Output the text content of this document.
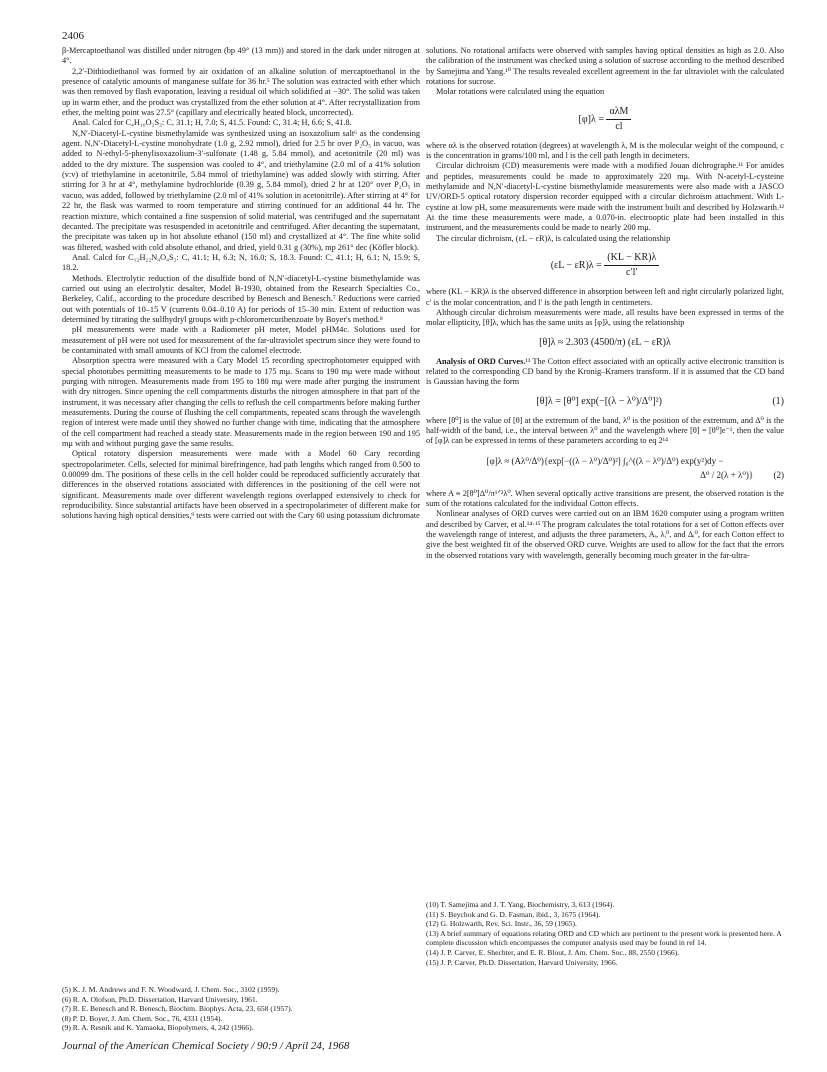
2406

β-Mercaptoethanol was distilled under nitrogen (bp 49° (13 mm)) and stored in the dark under nitrogen at 4°.

2,2′-Dithiodiethanol was formed by air oxidation of an alkaline solution of mercaptoethanol in the presence of catalytic amounts of manganese sulfate for 36 hr.⁵ The solution was extracted with ether which was then removed by flash evaporation, leaving a residual oil which solidified at −30°. The solid was taken up in warm ether, and the product was crystallized from the ether solution at 4°. After recrystallization from ether, the melting point was 27.5° (capillary and electrically heated block, uncorrected).

Anal. Calcd for C₄H₁₀O₂S₂: C, 31.1; H, 7.0; S, 41.5. Found: C, 31.4; H, 6.6; S, 41.8.

N,N′-Diacetyl-L-cystine bismethylamide was synthesized using an isoxazolium salt⁶ as the condensing agent. N,N′-Diacetyl-L-cystine monohydrate (1.0 g, 2.92 mmol), dried for 2.5 hr over P₂O₅ in vacuo, was added to N-ethyl-5-phenylisoxazolium-3′-sulfonate (1.48 g, 5.84 mmol), and acetonitrile (20 ml) was added to the dry mixture. The suspension was cooled to 4°, and triethylamine (2.0 ml of a 41% solution (v:v) of triethylamine in acetonitrile, 5.84 mmol of triethylamine) was added slowly with stirring. After stirring for 3 hr at 4°, methylamine hydrochloride (0.39 g, 5.84 mmol), dried 2 hr at 120° over P₂O₅ in vacuo, was added, followed by triethylamine (2.0 ml of 41% solution in acetonitrile). After stirring at 4° for 22 hr, the flask was warmed to room temperature and stirring continued for an additional 44 hr. The reaction mixture, which contained a fine suspension of solid material, was centrifuged and the supernatant decanted. The precipitate was resuspended in acetonitrile and centrifuged. After decanting the supernatant, the precipitate was taken up in hot absolute ethanol (150 ml) and crystallized at 4°. The fine white solid was filtered, washed with cold absolute ethanol, and dried, yield 0.31 g (30%), mp 261° dec (Köfler block).

Anal. Calcd for C₁₂H₂₂N₄O₄S₂: C, 41.1; H, 6.3; N, 16.0; S, 18.3. Found: C, 41.1; H, 6.1; N, 15.9; S, 18.2.

Methods. Electrolytic reduction of the disulfide bond of N,N′-diacetyl-L-cystine bismethylamide was carried out using an electrolytic desalter, Model B-1930, obtained from the Research Specialties Co., Berkeley, Calif., according to the procedure described by Benesch and Benesch.⁷ Reductions were carried out with potentials of 10–15 V (currents 0.04–0.10 A) for periods of 15–30 min. Extent of reduction was determined by titrating the sulfhydryl groups with p-chloromercuribenzoate by Boyer's method.⁸

pH measurements were made with a Radiometer pH meter, Model pHM4c. Solutions used for measurement of pH were not used for measurement of the far-ultraviolet spectrum since they were found to be contaminated with small amounts of KCl from the calomel electrode.

Absorption spectra were measured with a Cary Model 15 recording spectrophotometer equipped with special phototubes permitting measurements to be made to 175 mμ. Scans to 190 mμ were made without purging with nitrogen. Measurements made from 195 to 180 mμ were made after purging the instrument with dry nitrogen. Since opening the cell compartments disturbs the nitrogen atmosphere in that part of the instrument, it was necessary after changing the cells to reflush the cell compartments before making further measurements. During the course of flushing the cell compartments, repeated scans through the wavelength region of interest were made until they showed no further change with time, indicating that the atmosphere of the cell compartment had reached a steady state. Measurements made in the region between 190 and 195 mμ with and without purging gave the same results.

Optical rotatory dispersion measurements were made with a Model 60 Cary recording spectropolarimeter. Cells, selected for minimal birefringence, had path lengths which ranged from 0.500 to 0.00099 dm. The positions of these cells in the cell holder could be reproduced sufficiently accurately that differences in the observed rotations associated with differences in the positioning of the cell were not significant. Measurements made over different wavelength regions overlapped extensively to check for reproducibility. Since substantial artifacts have been observed in a spectropolarimeter of different make for solutions having high optical densities,⁹ tests were carried out with the Cary 60 using potassium dichromate

solutions. No rotational artifacts were observed with samples having optical densities as high as 2.0. Also the calibration of the instrument was checked using a solution of sucrose according to the method described by Samejima and Yang.¹⁰ The results revealed excellent agreement in the far ultraviolet with the calculated rotations for sucrose.

Molar rotations were calculated using the equation

$[\varphi]\lambda = \frac{\text{αλM}}{cl}$

where αλ is the observed rotation (degrees) at wavelength λ, M is the molecular weight of the compound, c is the concentration in grams/100 ml, and l is the cell path length in decimeters.

Circular dichroism (CD) measurements were made with a modified Jouan dichrographe.¹¹ For amides and peptides, measurements could be made to approximately 220 mμ. With N-acetyl-L-cysteine methylamide and N,N′-diacetyl-L-cystine bismethylamide measurements were also made with a JASCO UV/ORD-5 optical rotatory dispersion recorder equipped with a circular dichroism attachment. With L-cystine at low pH, some measurements were made with the instrument built and described by Holzwarth.¹² At the time these measurements were made, a 0.070-in. electrooptic plate had been installed in this instrument, and the measurements could be made to nearly 200 mμ.

The circular dichroism, (εL − εR)λ, is calculated using the relationship

$(\varepsilon L - \varepsilon R)\lambda = \frac{(KL - KR)\lambda}{c'l'}$

where (KL − KR)λ is the observed difference in absorption between left and right circularly polarized light, c′ is the molar concentration, and l′ is the path length in centimeters.

Although circular dichroism measurements were made, all results have been expressed in terms of the molar ellipticity, [θ]λ, which has the same units as [φ]λ, using the relationship

[θ]λ ≈ 2.303 (4500/π) (εL − εR)λ

Analysis of ORD Curves.¹³ The Cotton effect associated with an optically active electronic transition is related to the corresponding CD band by the Kronig–Kramers transform. If it is assumed that the CD band is Gaussian having the form

[θ]λ = [θ⁰] exp(−[(λ − λ⁰)/Δ⁰]²)	(1)

where [θ⁰] is the value of [θ] at the extremum of the band, λ⁰ is the position of the extremum, and Δ⁰ is the half-width of the band, i.e., the interval between λ⁰ and the wavelength where [θ] = [θ⁰]e⁻¹, then the value of [φ]λ can be expressed in terms of these parameters according to eq 2¹⁴

[φ]λ ≈ (Aλ⁰/Δ⁰){exp[−((λ − λ⁰)/Δ⁰)²] ∫₀^((λ − λ⁰)/Δ⁰) exp(y²)dy −
Δ⁰ / 2(λ + λ⁰)} (2)

where A ≡ 2[θ⁰]Δ⁰/π¹ᐟ²λ⁰. When several optically active transitions are present, the observed rotation is the sum of the rotations calculated for the individual Cotton effects.

Nonlinear analyses of ORD curves were carried out on an IBM 1620 computer using a program written and described by Carver, et al.¹⁴·¹⁵ The program calculates the total rotations for a set of Cotton effects over the wavelength range of interest, and adjusts the three parameters, Aᵢ, λᵢ⁰, and Δᵢ⁰, for each Cotton effect to give the best weighted fit of the observed ORD curve. Weights are used to allow for the fact that the errors in the observed rotations vary with wavelength, generally becoming much greater in the far-ultra-

(5) K. J. M. Andrews and F. N. Woodward, J. Chem. Soc., 3102 (1959).
(6) R. A. Olofson, Ph.D. Dissertation, Harvard University, 1961.
(7) R. E. Benesch and R. Benesch, Biochim. Biophys. Acta, 23, 658 (1957).
(8) P. D. Boyer, J. Am. Chem. Soc., 76, 4331 (1954).
(9) R. A. Resnik and K. Yamaoka, Biopolymers, 4, 242 (1966).
(10) T. Samejima and J. T. Yang, Biochemistry, 3, 613 (1964).
(11) S. Beychok and G. D. Fasman, ibid., 3, 1675 (1964).
(12) G. Holzwarth, Rev. Sci. Instr., 36, 59 (1965).
(13) A brief summary of equations relating ORD and CD which are pertinent to the present work is presented here. A complete discussion which encompasses the computer analysis used may be found in ref 14.
(14) J. P. Carver, E. Shechter, and E. R. Blout, J. Am. Chem. Soc., 88, 2550 (1966).
(15) J. P. Carver, Ph.D. Dissertation, Harvard University, 1966.
Journal of the American Chemical Society / 90:9 / April 24, 1968
